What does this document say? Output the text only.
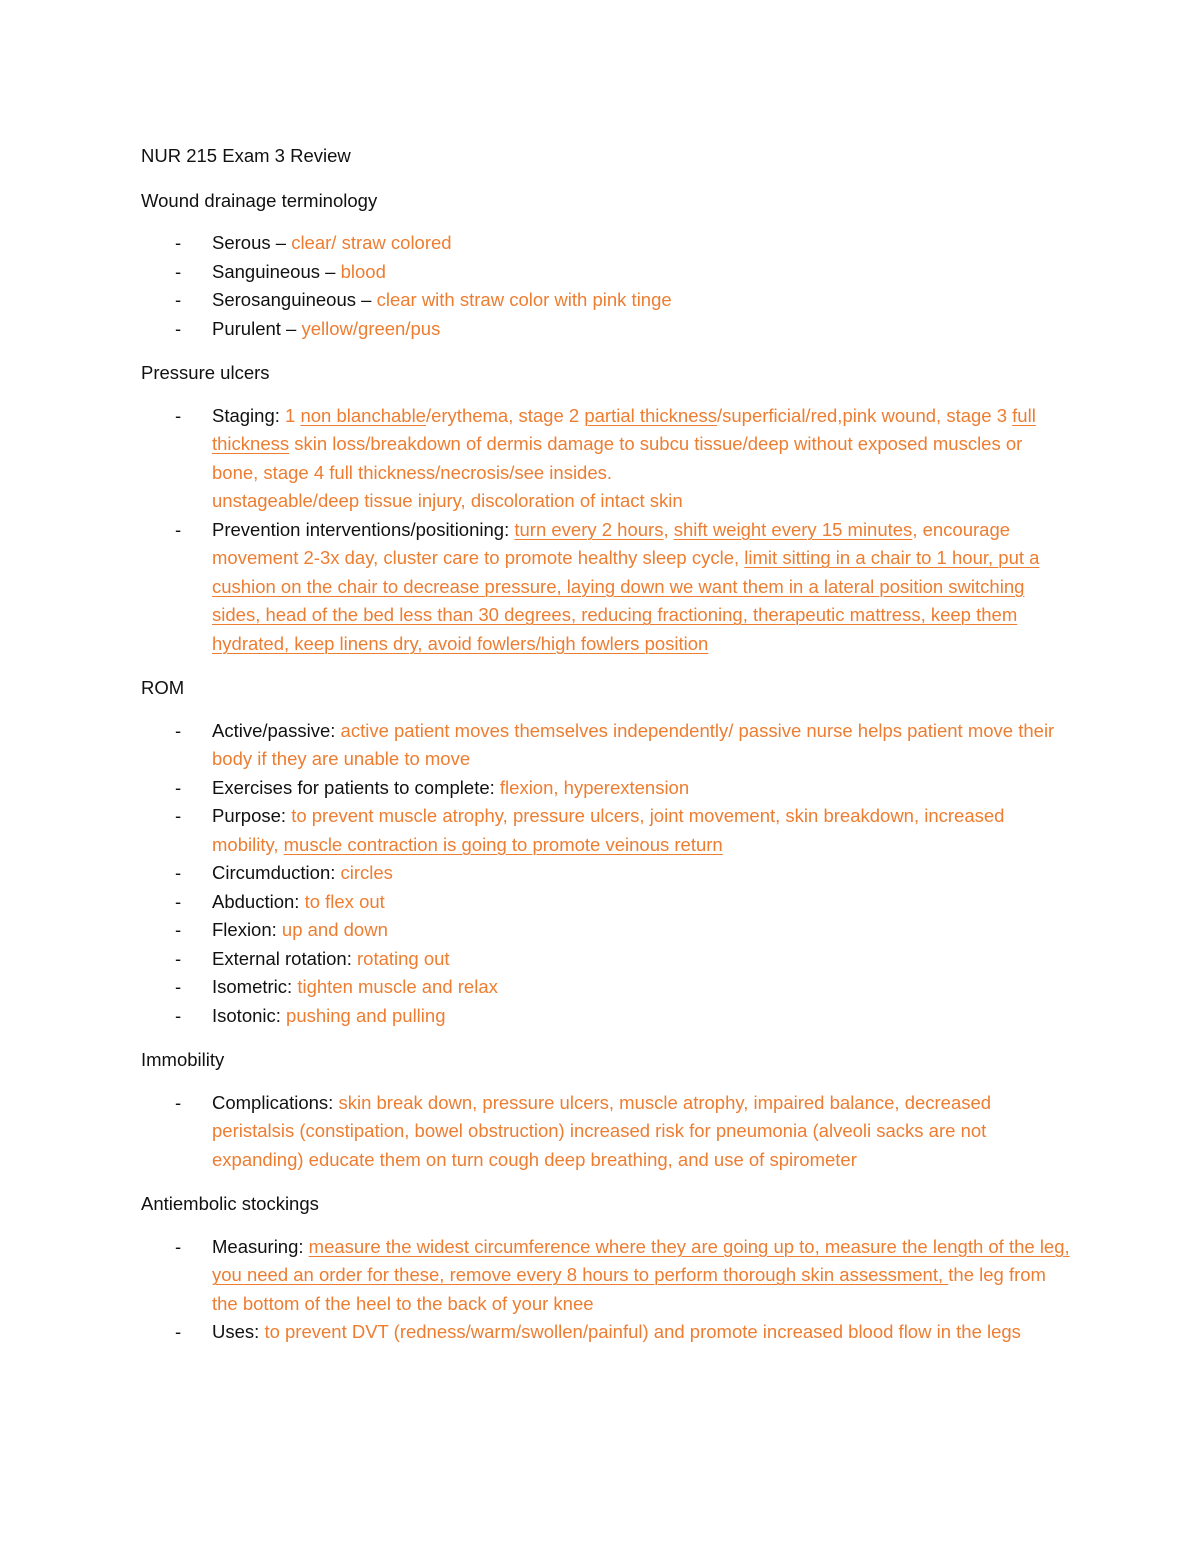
NUR 215 Exam 3 Review

Wound drainage terminology

- Serous – clear/ straw colored
- Sanguineous – blood
- Serosanguineous – clear with straw color with pink tinge
- Purulent – yellow/green/pus

Pressure ulcers

- Staging: 1 non blanchable/erythema, stage 2 partial thickness/superficial/red,pink wound, stage 3 full thickness skin loss/breakdown of dermis damage to subcu tissue/deep without exposed muscles or bone, stage 4 full thickness/necrosis/see insides.
unstageable/deep tissue injury, discoloration of intact skin
- Prevention interventions/positioning: turn every 2 hours, shift weight every 15 minutes, encourage movement 2-3x day, cluster care to promote healthy sleep cycle, limit sitting in a chair to 1 hour, put a cushion on the chair to decrease pressure, laying down we want them in a lateral position switching sides, head of the bed less than 30 degrees, reducing fractioning, therapeutic mattress, keep them hydrated, keep linens dry, avoid fowlers/high fowlers position

ROM

- Active/passive: active patient moves themselves independently/ passive nurse helps patient move their body if they are unable to move
- Exercises for patients to complete: flexion, hyperextension
- Purpose: to prevent muscle atrophy, pressure ulcers, joint movement, skin breakdown, increased mobility, muscle contraction is going to promote veinous return
- Circumduction: circles
- Abduction: to flex out
- Flexion: up and down
- External rotation: rotating out
- Isometric: tighten muscle and relax
- Isotonic: pushing and pulling

Immobility

- Complications: skin break down, pressure ulcers, muscle atrophy, impaired balance, decreased peristalsis (constipation, bowel obstruction) increased risk for pneumonia (alveoli sacks are not expanding) educate them on turn cough deep breathing, and use of spirometer

Antiembolic stockings

- Measuring: measure the widest circumference where they are going up to, measure the length of the leg, you need an order for these, remove every 8 hours to perform thorough skin assessment, the leg from the bottom of the heel to the back of your knee
- Uses: to prevent DVT (redness/warm/swollen/painful) and promote increased blood flow in the legs
